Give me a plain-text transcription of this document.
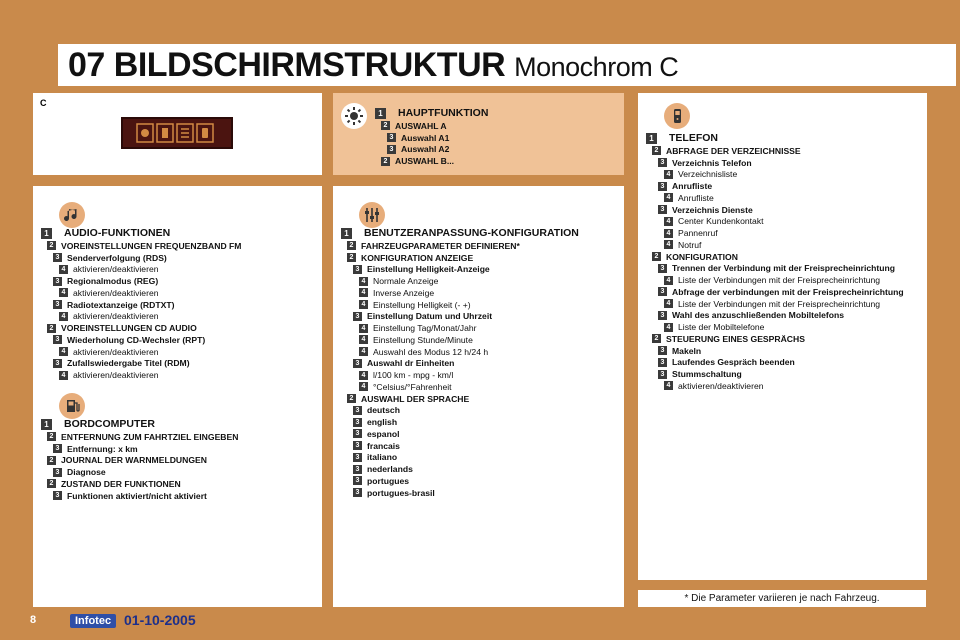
07 BILDSCHIRMSTRUKTUR Monochrom C
C
1	HAUPTFUNKTION
2 AUSWAHL A
3 Auswahl A1
3 Auswahl A2
2 AUSWAHL B...
1	AUDIO-FUNKTIONEN
2 VOREINSTELLUNGEN FREQUENZBAND FM
3 Senderverfolgung (RDS)
4 aktivieren/deaktivieren
3 Regionalmodus (REG)
4 aktivieren/deaktivieren
3 Radiotextanzeige (RDTXT)
4 aktivieren/deaktivieren
2 VOREINSTELLUNGEN CD AUDIO
3 Wiederholung CD-Wechsler (RPT)
4 aktivieren/deaktivieren
3 Zufallswiedergabe Titel (RDM)
4 aktivieren/deaktivieren
1	BORDCOMPUTER
2 ENTFERNUNG ZUM FAHRTZIEL EINGEBEN
3 Entfernung: x km
2 JOURNAL DER WARNMELDUNGEN
3 Diagnose
2 ZUSTAND DER FUNKTIONEN
3 Funktionen aktiviert/nicht aktiviert
1	BENUTZERANPASSUNG-KONFIGURATION
2 FAHRZEUGPARAMETER DEFINIEREN*
2 KONFIGURATION ANZEIGE
3 Einstellung Helligkeit-Anzeige
4 Normale Anzeige
4 Inverse Anzeige
4 Einstellung Helligkeit (- +)
3 Einstellung Datum und Uhrzeit
4 Einstellung Tag/Monat/Jahr
4 Einstellung Stunde/Minute
4 Auswahl des Modus 12 h/24 h
3 Auswahl dr Einheiten
4 l/100 km - mpg - km/l
4 °Celsius/°Fahrenheit
2 AUSWAHL DER SPRACHE
3 deutsch
3 english
3 espanol
3 francais
3 italiano
3 nederlands
3 portugues
3 portugues-brasil
1	TELEFON
2 ABFRAGE DER VERZEICHNISSE
3 Verzeichnis Telefon
4 Verzeichnisliste
3 Anrufliste
4 Anrufliste
3 Verzeichnis Dienste
4 Center Kundenkontakt
4 Pannenruf
4 Notruf
2 KONFIGURATION
3 Trennen der Verbindung mit der Freisprecheinrichtung
4 Liste der Verbindungen mit der Freisprecheinrichtung
3 Abfrage der verbindungen mit der Freisprecheinrichtung
4 Liste der Verbindungen mit der Freisprecheinrichtung
3 Wahl des anzuschließenden Mobiltelefons
4 Liste der Mobiltelefone
2 STEUERUNG EINES GESPRÄCHS
3 Makeln
3 Laufendes Gespräch beenden
3 Stummschaltung
4 aktivieren/deaktivieren
* Die Parameter variieren je nach Fahrzeug.
8	Infotec 01-10-2005
